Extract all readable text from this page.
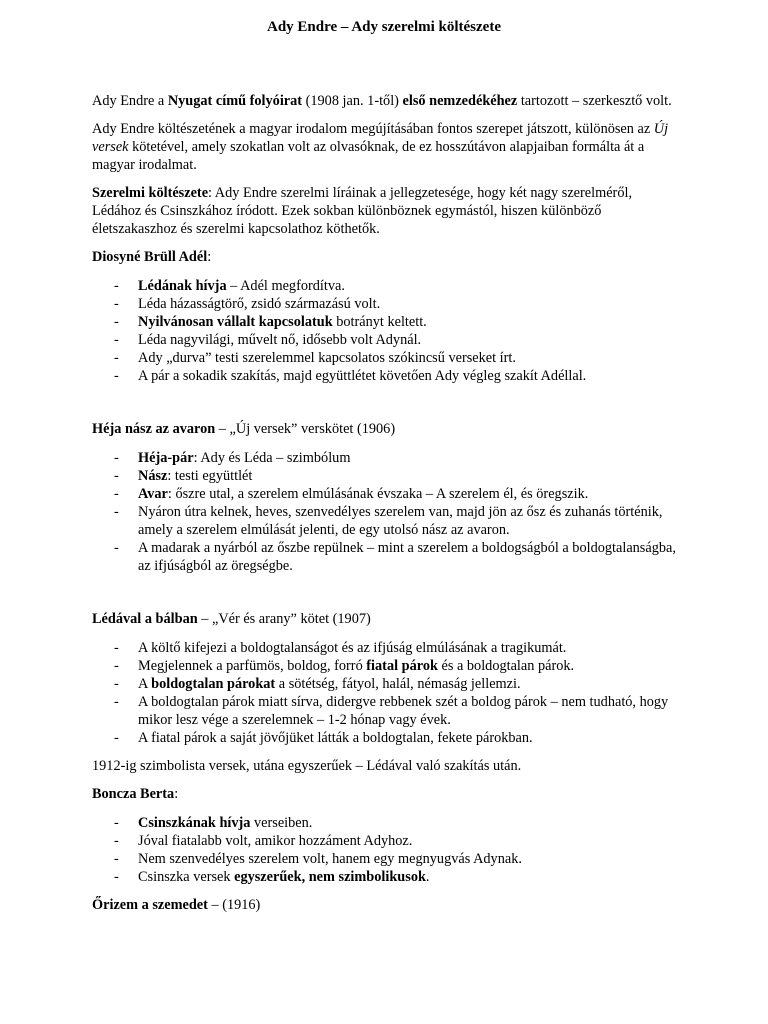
Ady Endre – Ady szerelmi költészete

Ady Endre a Nyugat című folyóirat (1908 jan. 1-től) első nemzedékéhez tartozott – szerkesztő volt.

Ady Endre költészetének a magyar irodalom megújításában fontos szerepet játszott, különösen az Új versek kötetével, amely szokatlan volt az olvasóknak, de ez hosszútávon alapjaiban formálta át a magyar irodalmat.

Szerelmi költészete: Ady Endre szerelmi líráinak a jellegzetesége, hogy két nagy szerelméről, Lédához és Csinszkához íródott. Ezek sokban különböznek egymástól, hiszen különböző életszakaszhoz és szerelmi kapcsolathoz köthetők.

Diosyné Brüll Adél:

- Lédának hívja – Adél megfordítva.
- Léda házasságtörő, zsidó származású volt.
- Nyilvánosan vállalt kapcsolatuk botrányt keltett.
- Léda nagyvilági, művelt nő, idősebb volt Adynál.
- Ady „durva” testi szerelemmel kapcsolatos szókincsű verseket írt.
- A pár a sokadik szakítás, majd együttlétet követően Ady végleg szakít Adéllal.

Héja nász az avaron – „Új versek” verskötet (1906)

- Héja-pár: Ady és Léda – szimbólum
- Nász: testi együttlét
- Avar: őszre utal, a szerelem elmúlásának évszaka – A szerelem él, és öregszik.
- Nyáron útra kelnek, heves, szenvedélyes szerelem van, majd jön az ősz és zuhanás történik, amely a szerelem elmúlását jelenti, de egy utolsó nász az avaron.
- A madarak a nyárból az őszbe repülnek – mint a szerelem a boldogságból a boldogtalanságba, az ifjúságból az öregségbe.

Lédával a bálban – „Vér és arany” kötet (1907)

- A költő kifejezi a boldogtalanságot és az ifjúság elmúlásának a tragikumát.
- Megjelennek a parfümös, boldog, forró fiatal párok és a boldogtalan párok.
- A boldogtalan párokat a sötétség, fátyol, halál, némaság jellemzi.
- A boldogtalan párok miatt sírva, didergve rebbenek szét a boldog párok – nem tudható, hogy mikor lesz vége a szerelemnek – 1-2 hónap vagy évek.
- A fiatal párok a saját jövőjüket látták a boldogtalan, fekete párokban.

1912-ig szimbolista versek, utána egyszerűek – Lédával való szakítás után.

Boncza Berta:

- Csinszkának hívja verseiben.
- Jóval fiatalabb volt, amikor hozzáment Adyhoz.
- Nem szenvedélyes szerelem volt, hanem egy megnyugvás Adynak.
- Csinszka versek egyszerűek, nem szimbolikusok.

Őrizem a szemedet – (1916)
